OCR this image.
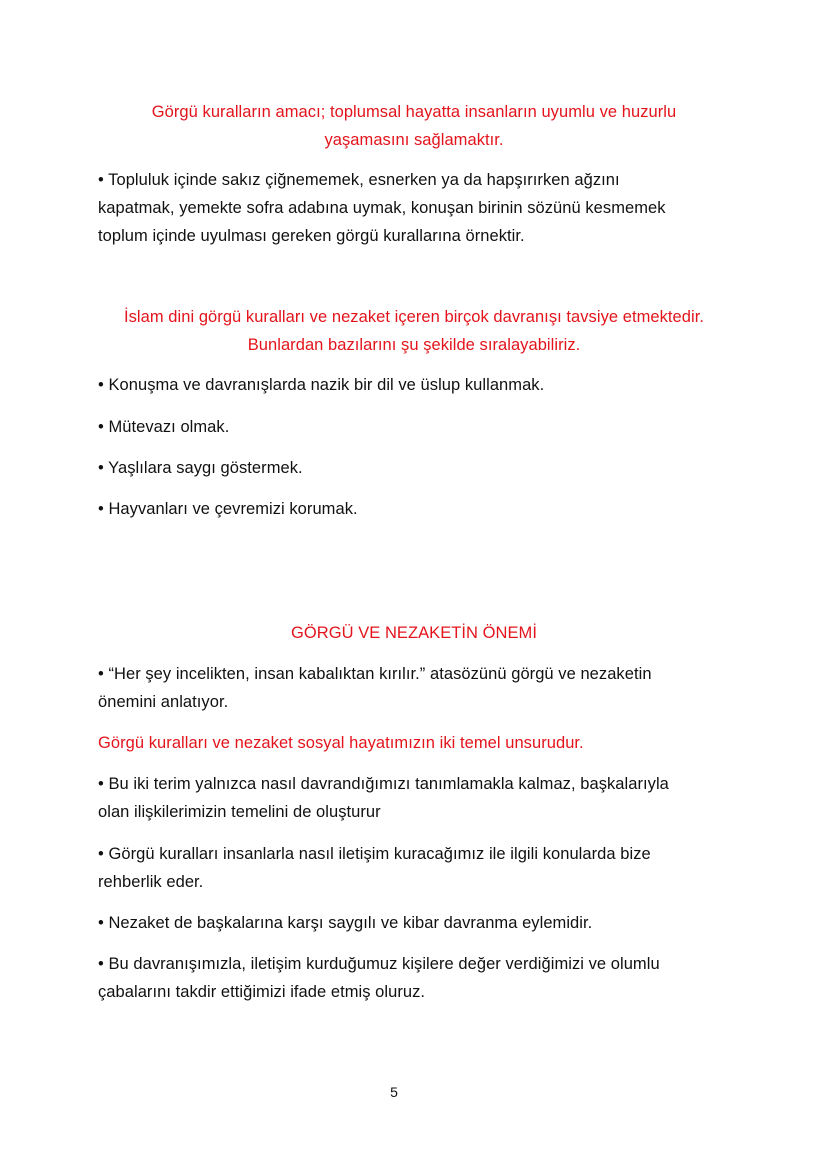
Görgü kuralların amacı; toplumsal hayatta insanların uyumlu ve huzurlu
yaşamasını sağlamaktır.
• Topluluk içinde sakız çiğnememek, esnerken ya da hapşırırken ağzını
kapatmak, yemekte sofra adabına uymak, konuşan birinin sözünü kesmemek
toplum içinde uyulması gereken görgü kurallarına örnektir.
İslam dini görgü kuralları ve nezaket içeren birçok davranışı tavsiye etmektedir.
Bunlardan bazılarını şu şekilde sıralayabiliriz.
• Konuşma ve davranışlarda nazik bir dil ve üslup kullanmak.
• Mütevazı olmak.
• Yaşlılara saygı göstermek.
• Hayvanları ve çevremizi korumak.
GÖRGÜ VE NEZAKETİN ÖNEMİ
• “Her şey incelikten, insan kabalıktan kırılır.” atasözünü görgü ve nezaketin
önemini anlatıyor.
Görgü kuralları ve nezaket sosyal hayatımızın iki temel unsurudur.
• Bu iki terim yalnızca nasıl davrandığımızı tanımlamakla kalmaz, başkalarıyla
olan ilişkilerimizin temelini de oluşturur
• Görgü kuralları insanlarla nasıl iletişim kuracağımız ile ilgili konularda bize
rehberlik eder.
• Nezaket de başkalarına karşı saygılı ve kibar davranma eylemidir.
• Bu davranışımızla, iletişim kurduğumuz kişilere değer verdiğimizi ve olumlu
çabalarını takdir ettiğimizi ifade etmiş oluruz.
5
